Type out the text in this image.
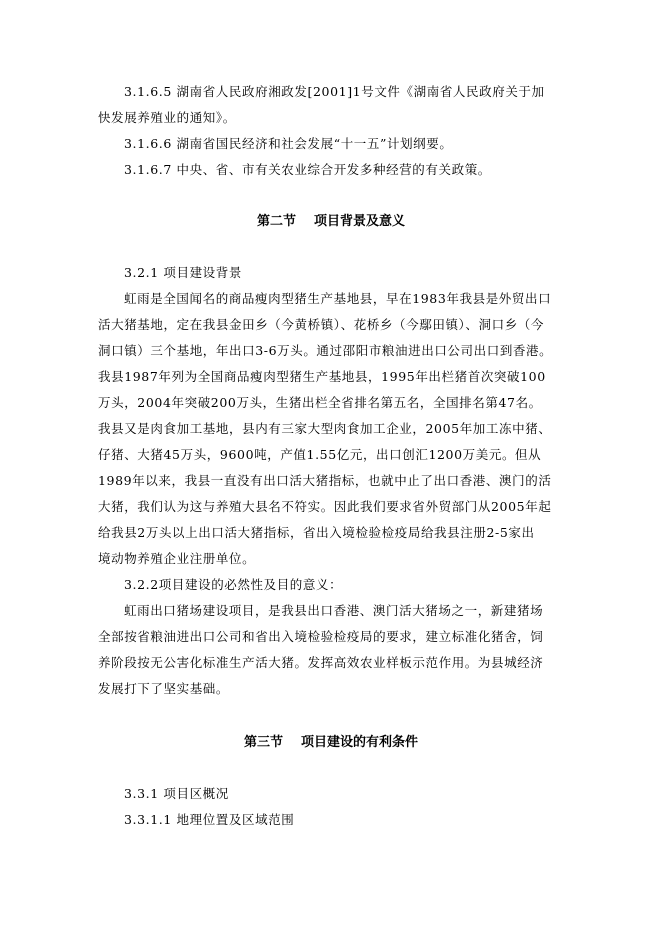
3.1.6.5 湖南省人民政府湘政发[2001]1号文件《湖南省人民政府关于加
快发展养殖业的通知》。
3.1.6.6 湖南省国民经济和社会发展“十一五”计划纲要。
3.1.6.7 中央、省、市有关农业综合开发多种经营的有关政策。
第二节    项目背景及意义
3.2.1 项目建设背景
虹雨是全国闻名的商品瘦肉型猪生产基地县，早在1983年我县是外贸出口
活大猪基地，定在我县金田乡（今黄桥镇）、花桥乡（今鄢田镇）、洞口乡（今
洞口镇）三个基地，年出口3-6万头。通过邵阳市粮油进出口公司出口到香港。
我县1987年列为全国商品瘦肉型猪生产基地县，1995年出栏猪首次突破100
万头，2004年突破200万头，生猪出栏全省排名第五名，全国排名第47名。
我县又是肉食加工基地，县内有三家大型肉食加工企业，2005年加工冻中猪、
仔猪、大猪45万头，9600吨，产值1.55亿元，出口创汇1200万美元。但从
1989年以来，我县一直没有出口活大猪指标，也就中止了出口香港、澳门的活
大猪，我们认为这与养殖大县名不符实。因此我们要求省外贸部门从2005年起
给我县2万头以上出口活大猪指标，省出入境检验检疫局给我县注册2-5家出
境动物养殖企业注册单位。
3.2.2项目建设的必然性及目的意义：
虹雨出口猪场建设项目，是我县出口香港、澳门活大猪场之一，新建猪场
全部按省粮油进出口公司和省出入境检验检疫局的要求，建立标准化猪舍，饲
养阶段按无公害化标准生产活大猪。发挥高效农业样板示范作用。为县城经济
发展打下了坚实基础。
第三节    项目建设的有利条件
3.3.1 项目区概况
3.3.1.1 地理位置及区域范围
